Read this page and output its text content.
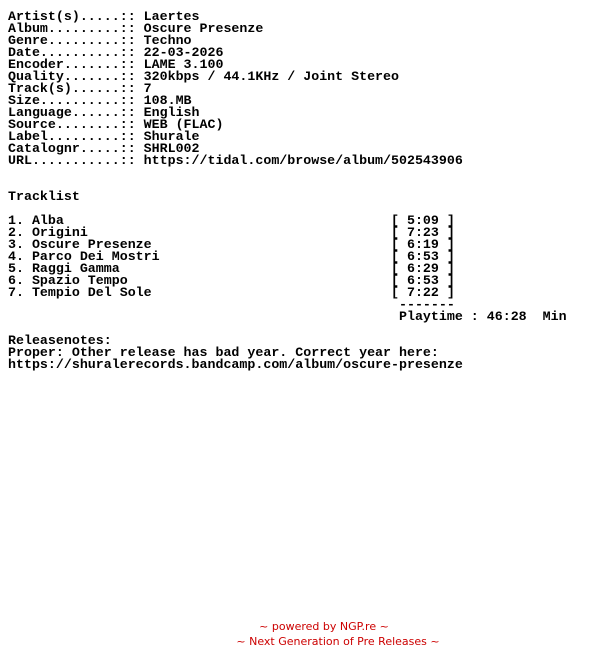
Artist(s).....:: Laertes
Album.........:: Oscure Presenze
Genre.........:: Techno
Date..........:: 22-03-2026
Encoder.......:: LAME 3.100
Quality.......:: 320kbps / 44.1KHz / Joint Stereo
Track(s)......:: 7
Size..........:: 108.MB
Language......:: English
Source........:: WEB (FLAC)
Label.........:: Shurale
Catalognr.....:: SHRL002
URL...........:: https://tidal.com/browse/album/502543906
Tracklist
1. Alba                                         [ 5:09 ]
2. Origini                                      [ 7:23 ]
3. Oscure Presenze                              [ 6:19 ]
4. Parco Dei Mostri                             [ 6:53 ]
5. Raggi Gamma                                  [ 6:29 ]
6. Spazio Tempo                                 [ 6:53 ]
7. Tempio Del Sole                              [ 7:22 ]
-------
Playtime : 46:28  Min
Releasenotes:
Proper: Other release has bad year. Correct year here:
https://shuralerecords.bandcamp.com/album/oscure-presenze
~ powered by NGP.re ~
~ Next Generation of Pre Releases ~
